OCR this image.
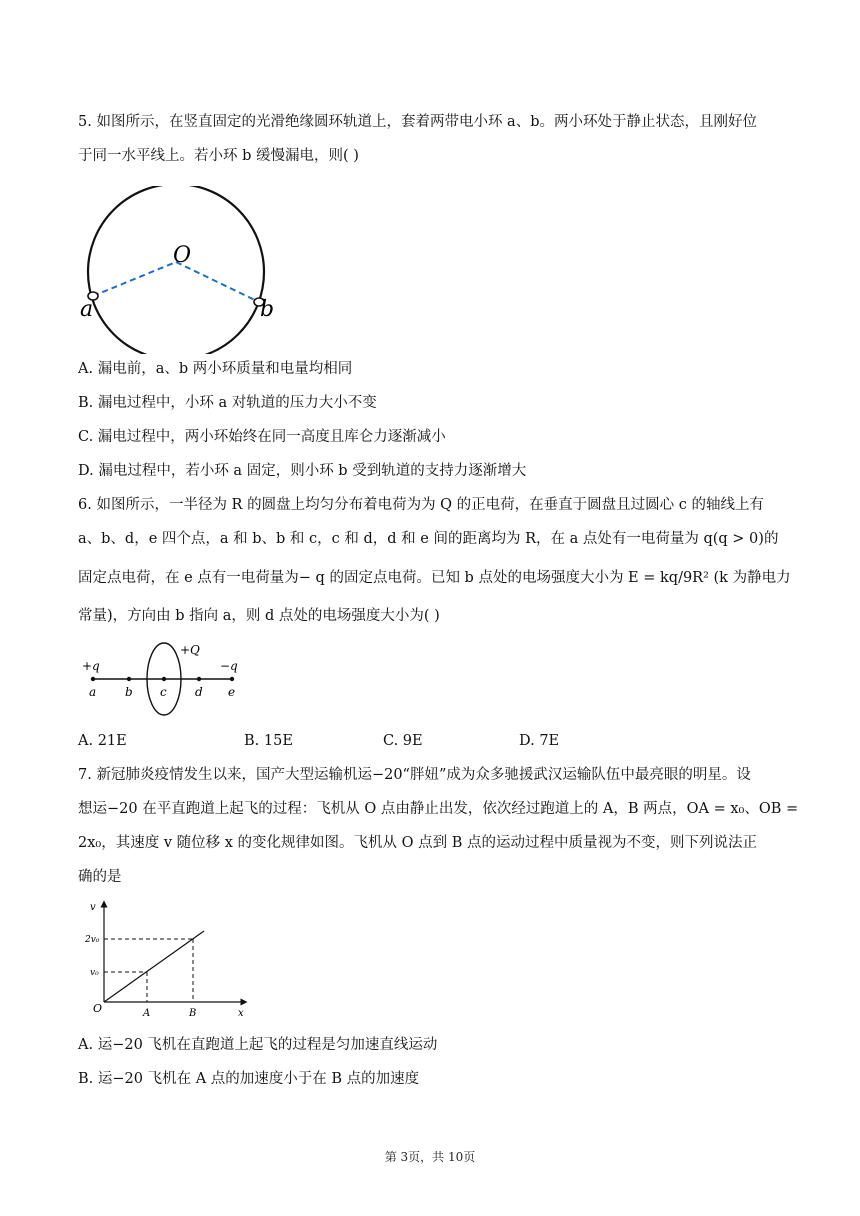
5. 如图所示，在竖直固定的光滑绝缘圆环轨道上，套着两带电小环 a、b。两小环处于静止状态，且刚好位
于同一水平线上。若小环 b 缓慢漏电，则( )
O
a	b
A. 漏电前，a、b 两小环质量和电量均相同
B. 漏电过程中，小环 a 对轨道的压力大小不变
C. 漏电过程中，两小环始终在同一高度且库仑力逐渐减小
D. 漏电过程中，若小环 a 固定，则小环 b 受到轨道的支持力逐渐增大
6. 如图所示，一半径为 R 的圆盘上均匀分布着电荷为为 Q 的正电荷，在垂直于圆盘且过圆心 c 的轴线上有
a、b、d，e 四个点，a 和 b、b 和 c，c 和 d，d 和 e 间的距离均为 R，在 a 点处有一电荷量为 q(q > 0)的
固定点电荷，在 e 点有一电荷量为− q 的固定点电荷。已知 b 点处的电场强度大小为 E = kq/9R² (k 为静电力
常量)，方向由 b 指向 a，则 d 点处的电场强度大小为( )
+q
+Q
−q
a b c d e
A. 21E	B. 15E	C. 9E	D. 7E
7. 新冠肺炎疫情发生以来，国产大型运输机运−20“胖妞”成为众多驰援武汉运输队伍中最亮眼的明星。设
想运−20 在平直跑道上起飞的过程：飞机从 O 点由静止出发，依次经过跑道上的 A，B 两点，OA = x₀、OB =
2x₀，其速度 v 随位移 x 的变化规律如图。飞机从 O 点到 B 点的运动过程中质量视为不变，则下列说法正
确的是
v
x
O	A	B
v₀
2v₀
A. 运−20 飞机在直跑道上起飞的过程是匀加速直线运动
B. 运−20 飞机在 A 点的加速度小于在 B 点的加速度
第 3页，共 10页
